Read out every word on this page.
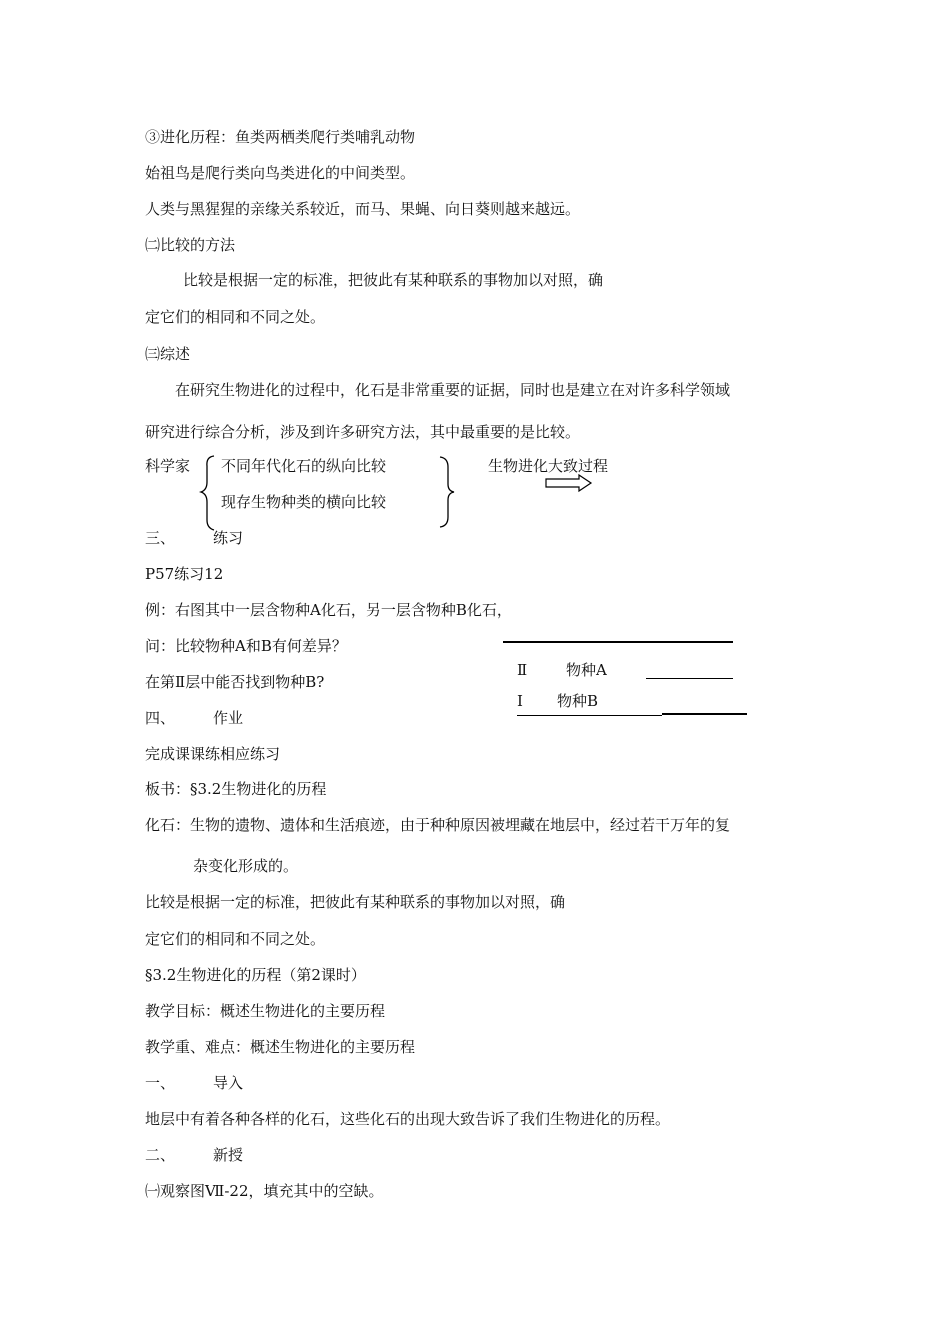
③进化历程：鱼类两栖类爬行类哺乳动物
始祖鸟是爬行类向鸟类进化的中间类型。
人类与黑猩猩的亲缘关系较近，而马、果蝇、向日葵则越来越远。
㈡比较的方法
比较是根据一定的标准，把彼此有某种联系的事物加以对照，确
定它们的相同和不同之处。
㈢综述
在研究生物进化的过程中，化石是非常重要的证据，同时也是建立在对许多科学领域
研究进行综合分析，涉及到许多研究方法，其中最重要的是比较。
科学家 不同年代化石的纵向比较
现存生物种类的横向比较
生物进化大致过程
三、	练习
P57练习12
例：右图其中一层含物种A化石，另一层含物种B化石，
问：比较物种A和B有何差异？
在第Ⅱ层中能否找到物种B?
Ⅱ	物种A
Ⅰ 物种B
四、	作业
完成课课练相应练习
板书：§3.2生物进化的历程
化石：生物的遗物、遗体和生活痕迹，由于种种原因被埋藏在地层中，经过若干万年的复
杂变化形成的。
比较是根据一定的标准，把彼此有某种联系的事物加以对照，确
定它们的相同和不同之处。
§3.2生物进化的历程（第2课时）
教学目标：概述生物进化的主要历程
教学重、难点：概述生物进化的主要历程
一、	导入
地层中有着各种各样的化石，这些化石的出现大致告诉了我们生物进化的历程。
二、	新授
㈠观察图Ⅶ-22，填充其中的空缺。
